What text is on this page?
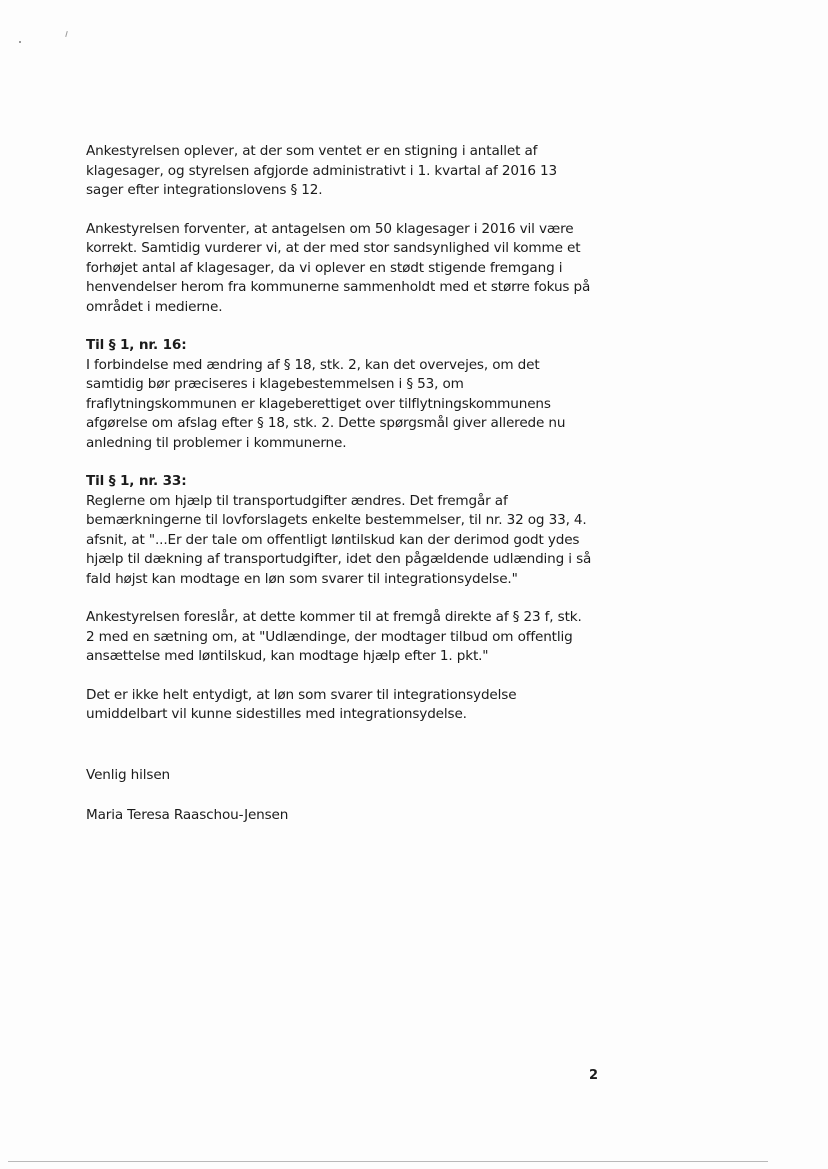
Ankestyrelsen oplever, at der som ventet er en stigning i antallet af
klagesager, og styrelsen afgjorde administrativt i 1. kvartal af 2016 13
sager efter integrationslovens § 12.

Ankestyrelsen forventer, at antagelsen om 50 klagesager i 2016 vil være
korrekt. Samtidig vurderer vi, at der med stor sandsynlighed vil komme et
forhøjet antal af klagesager, da vi oplever en stødt stigende fremgang i
henvendelser herom fra kommunerne sammenholdt med et større fokus på
området i medierne.

Til § 1, nr. 16:
I forbindelse med ændring af § 18, stk. 2, kan det overvejes, om det
samtidig bør præciseres i klagebestemmelsen i § 53, om
fraflytningskommunen er klageberettiget over tilflytningskommunens
afgørelse om afslag efter § 18, stk. 2. Dette spørgsmål giver allerede nu
anledning til problemer i kommunerne.

Til § 1, nr. 33:
Reglerne om hjælp til transportudgifter ændres. Det fremgår af
bemærkningerne til lovforslagets enkelte bestemmelser, til nr. 32 og 33, 4.
afsnit, at "...Er der tale om offentligt løntilskud kan der derimod godt ydes
hjælp til dækning af transportudgifter, idet den pågældende udlænding i så
fald højst kan modtage en løn som svarer til integrationsydelse."

Ankestyrelsen foreslår, at dette kommer til at fremgå direkte af § 23 f, stk.
2 med en sætning om, at "Udlændinge, der modtager tilbud om offentlig
ansættelse med løntilskud, kan modtage hjælp efter 1. pkt."

Det er ikke helt entydigt, at løn som svarer til integrationsydelse
umiddelbart vil kunne sidestilles med integrationsydelse.

Venlig hilsen
Maria Teresa Raaschou-Jensen
2
